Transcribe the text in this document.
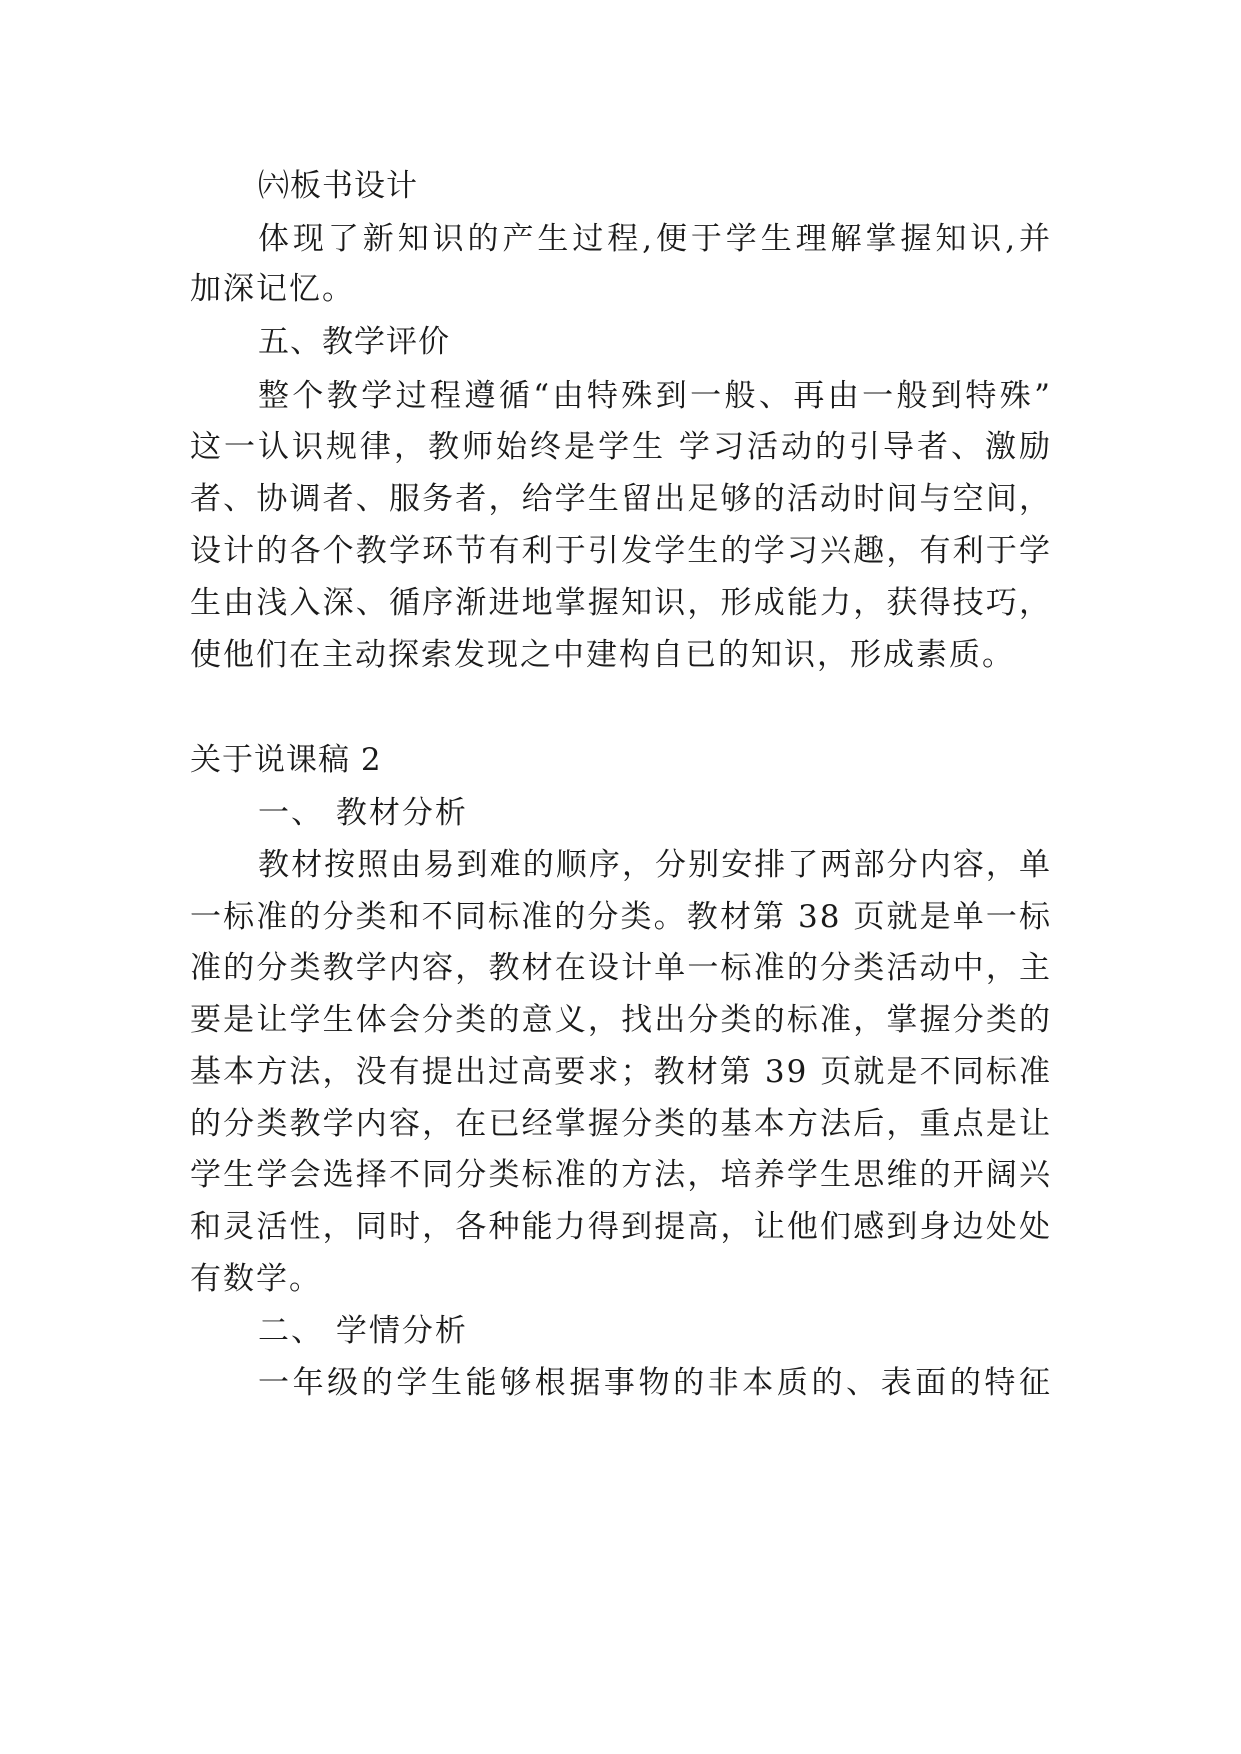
㈥板书设计
体现了新知识的产生过程,便于学生理解掌握知识,并
加深记忆。
五、教学评价
整个教学过程遵循“由特殊到一般、再由一般到特殊”
这一认识规律，教师始终是学生 学习活动的引导者、激励
者、协调者、服务者，给学生留出足够的活动时间与空间，
设计的各个教学环节有利于引发学生的学习兴趣，有利于学
生由浅入深、循序渐进地掌握知识，形成能力，获得技巧，
使他们在主动探索发现之中建构自已的知识，形成素质。
关于说课稿 2
一、 教材分析
教材按照由易到难的顺序，分别安排了两部分内容，单
一标准的分类和不同标准的分类。教材第 38 页就是单一标
准的分类教学内容，教材在设计单一标准的分类活动中，主
要是让学生体会分类的意义，找出分类的标准，掌握分类的
基本方法，没有提出过高要求；教材第 39 页就是不同标准
的分类教学内容，在已经掌握分类的基本方法后，重点是让
学生学会选择不同分类标准的方法，培养学生思维的开阔兴
和灵活性，同时，各种能力得到提高，让他们感到身边处处
有数学。
二、 学情分析
一年级的学生能够根据事物的非本质的、表面的特征
